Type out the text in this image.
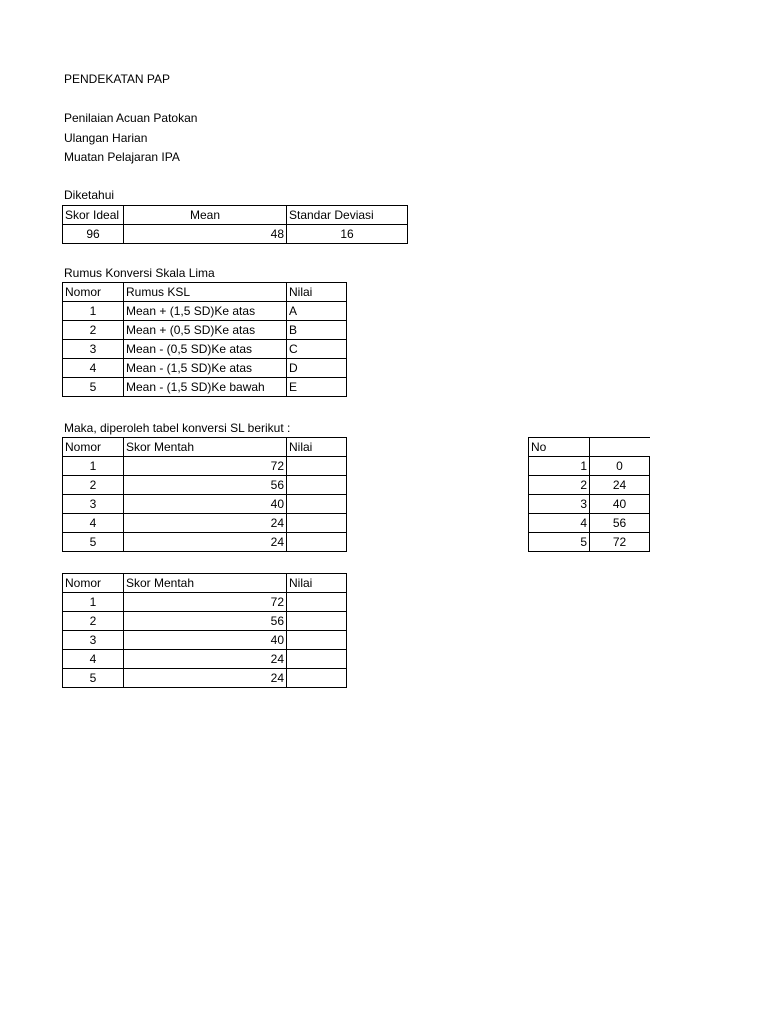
PENDEKATAN PAP
Penilaian Acuan Patokan
Ulangan Harian
Muatan Pelajaran IPA
Diketahui
Skor Ideal	Mean	Standar Deviasi
96	48	16
Rumus Konversi Skala Lima
Nomor	Rumus KSL	Nilai
1	Mean + (1,5 SD)Ke atas	A
2	Mean + (0,5 SD)Ke atas	B
3	Mean - (0,5 SD)Ke atas	C
4	Mean - (1,5 SD)Ke atas	D
5	Mean - (1,5 SD)Ke bawah	E
Maka, diperoleh tabel konversi SL berikut :
Nomor	Skor Mentah	Nilai
1	72	
2	56	
3	40	
4	24	
5	24	
No	
1	0
2	24
3	40
4	56
5	72
Nomor	Skor Mentah	Nilai
1	72	
2	56	
3	40	
4	24	
5	24	
